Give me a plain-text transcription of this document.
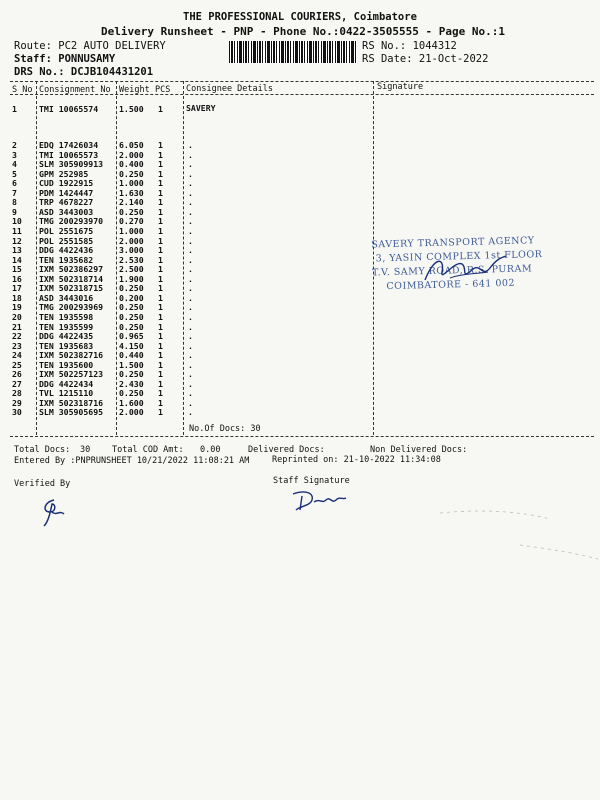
THE PROFESSIONAL COURIERS, Coimbatore
Delivery Runsheet - PNP - Phone No.:0422-3505555 - Page No.:1
Route: PC2 AUTO DELIVERY
Staff: PONNUSAMY
DRS No.: DCJB104431201
RS No.: 1044312
RS Date: 21-Oct-2022
S No Consignment No Weight PCS Consignee Details	Signature
1	TMI 10065574	1.500 1	SAVERY
2	EDQ 17426034	6.050 1	.
3	TMI 10065573	2.000 1	.
4	SLM 305909913 0.400 1	.
5	GPM 252985	0.250 1	.
6	CUD 1922915	1.000 1	.
7	PDM 1424447	1.630 1	.
8	TRP 4678227	2.140 1	.
9	ASD 3443003	0.250 1	.
10 TMG 200293970 0.270 1	.
11 POL 2551675	1.000 1	.
12 POL 2551585	2.000 1	.
13 DDG 4422436	3.000 1	.
14 TEN 1935682	2.530 1	.
15 IXM 502386297 2.500 1	.
16 IXM 502318714 1.900 1	.
17 IXM 502318715 0.250 1	.
18 ASD 3443016	0.200 1	.
19 TMG 200293969 0.250 1	.
20 TEN 1935598	0.250 1	.
21 TEN 1935599	0.250 1	.
22 DDG 4422435	0.965 1	.
23 TEN 1935683	4.150 1	.
24 IXM 502382716 0.440 1	.
25 TEN 1935600	1.500 1	.
26 IXM 502257123 0.250 1	.
27 DDG 4422434	2.430 1	.
28 TVL 1215110	0.250 1	.
29 IXM 502318716 1.600 1	.
30 SLM 305905695 2.000 1	.
No.Of Docs: 30
SAVERY TRANSPORT AGENCY
3, YASIN COMPLEX 1st FLOOR
T.V. SAMY ROAD, R.S. PURAM
COIMBATORE - 641 002
Total Docs: 30	Total COD Amt: 0.00	Delivered Docs:	Non Delivered Docs:
Entered By :PNPRUNSHEET 10/21/2022 11:08:21 AM	Reprinted on: 21-10-2022 11:34:08
Verified By	Staff Signature
